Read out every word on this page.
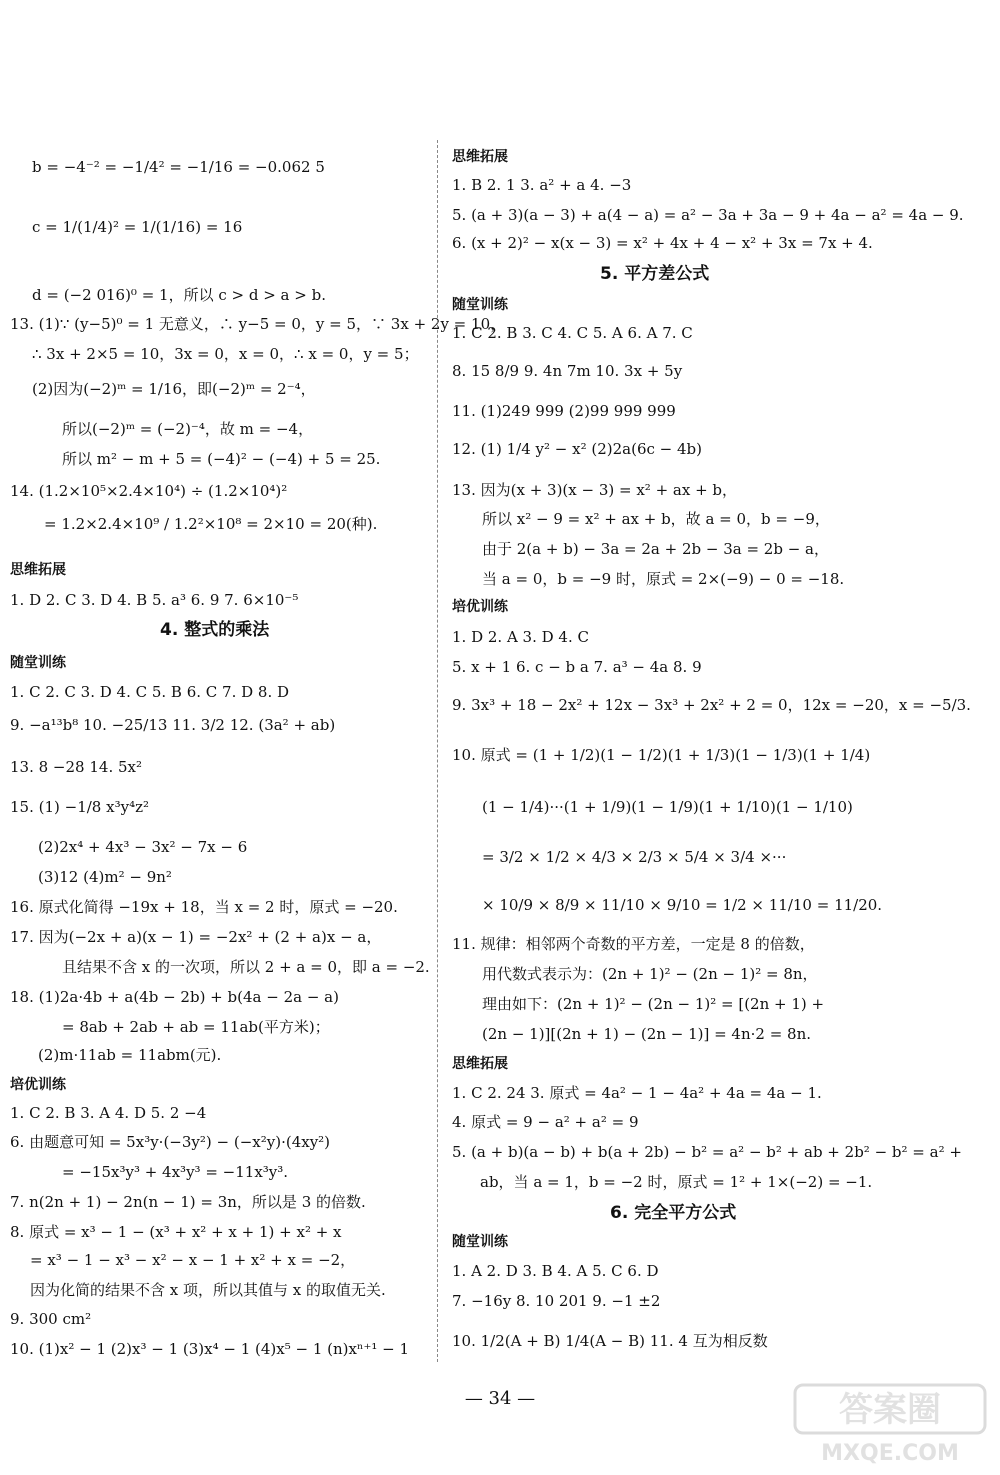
b = −4⁻² = −1/4² = −1/16 = −0.062 5
c = 1/(1/4)² = 1/(1/16) = 16
d = (−2 016)⁰ = 1，所以 c > d > a > b.
13. (1)∵ (y−5)⁰ = 1 无意义，∴ y−5 = 0，y = 5，∵ 3x + 2y = 10，
∴ 3x + 2×5 = 10，3x = 0，x = 0，∴ x = 0，y = 5；
(2)因为(−2)ᵐ = 1/16，即(−2)ᵐ = 2⁻⁴，
所以(−2)ᵐ = (−2)⁻⁴，故 m = −4，
所以 m² − m + 5 = (−4)² − (−4) + 5 = 25.
14. (1.2×10⁵×2.4×10⁴) ÷ (1.2×10⁴)²
= 1.2×2.4×10⁹ / 1.2²×10⁸ = 2×10 = 20(种).
思维拓展
1. D 2. C 3. D 4. B 5. a³ 6. 9 7. 6×10⁻⁵
4. 整式的乘法
随堂训练
1. C 2. C 3. D 4. C 5. B 6. C 7. D 8. D
9. −a¹³b⁸ 10. −25/13 11. 3/2 12. (3a² + ab)
13. 8 −28 14. 5x²
15. (1) −1/8 x³y⁴z²
(2)2x⁴ + 4x³ − 3x² − 7x − 6
(3)12 (4)m² − 9n²
16. 原式化简得 −19x + 18，当 x = 2 时，原式 = −20.
17. 因为(−2x + a)(x − 1) = −2x² + (2 + a)x − a，
且结果不含 x 的一次项，所以 2 + a = 0，即 a = −2.
18. (1)2a·4b + a(4b − 2b) + b(4a − 2a − a)
= 8ab + 2ab + ab = 11ab(平方米)；
(2)m·11ab = 11abm(元).
培优训练
1. C 2. B 3. A 4. D 5. 2 −4
6. 由题意可知 = 5x³y·(−3y²) − (−x²y)·(4xy²)
= −15x³y³ + 4x³y³ = −11x³y³.
7. n(2n + 1) − 2n(n − 1) = 3n，所以是 3 的倍数.
8. 原式 = x³ − 1 − (x³ + x² + x + 1) + x² + x
= x³ − 1 − x³ − x² − x − 1 + x² + x = −2，
因为化简的结果不含 x 项，所以其值与 x 的取值无关.
9. 300 cm²
10. (1)x² − 1 (2)x³ − 1 (3)x⁴ − 1 (4)x⁵ − 1 (n)xⁿ⁺¹ − 1
思维拓展
1. B 2. 1 3. a² + a 4. −3
5. (a + 3)(a − 3) + a(4 − a) = a² − 3a + 3a − 9 + 4a − a² = 4a − 9.
6. (x + 2)² − x(x − 3) = x² + 4x + 4 − x² + 3x = 7x + 4.
5. 平方差公式
随堂训练
1. C 2. B 3. C 4. C 5. A 6. A 7. C
8. 15 8/9 9. 4n 7m 10. 3x + 5y
11. (1)249 999 (2)99 999 999
12. (1) 1/4 y² − x² (2)2a(6c − 4b)
13. 因为(x + 3)(x − 3) = x² + ax + b，
所以 x² − 9 = x² + ax + b，故 a = 0，b = −9，
由于 2(a + b) − 3a = 2a + 2b − 3a = 2b − a，
当 a = 0，b = −9 时，原式 = 2×(−9) − 0 = −18.
培优训练
1. D 2. A 3. D 4. C
5. x + 1 6. c − b a 7. a³ − 4a 8. 9
9. 3x³ + 18 − 2x² + 12x − 3x³ + 2x² + 2 = 0，12x = −20，x = −5/3.
10. 原式 = (1 + 1/2)(1 − 1/2)(1 + 1/3)(1 − 1/3)(1 + 1/4)
(1 − 1/4)···(1 + 1/9)(1 − 1/9)(1 + 1/10)(1 − 1/10)
= 3/2 × 1/2 × 4/3 × 2/3 × 5/4 × 3/4 ×···
× 10/9 × 8/9 × 11/10 × 9/10 = 1/2 × 11/10 = 11/20.
11. 规律：相邻两个奇数的平方差，一定是 8 的倍数，
用代数式表示为：(2n + 1)² − (2n − 1)² = 8n，
理由如下：(2n + 1)² − (2n − 1)² = [(2n + 1) +
(2n − 1)][(2n + 1) − (2n − 1)] = 4n·2 = 8n.
思维拓展
1. C 2. 24 3. 原式 = 4a² − 1 − 4a² + 4a = 4a − 1.
4. 原式 = 9 − a² + a² = 9
5. (a + b)(a − b) + b(a + 2b) − b² = a² − b² + ab + 2b² − b² = a² +
ab，当 a = 1，b = −2 时，原式 = 1² + 1×(−2) = −1.
6. 完全平方公式
随堂训练
1. A 2. D 3. B 4. A 5. C 6. D
7. −16y 8. 10 201 9. −1 ±2
10. 1/2(A + B) 1/4(A − B) 11. 4 互为相反数
— 34 —	答案圈
MXQE.COM
